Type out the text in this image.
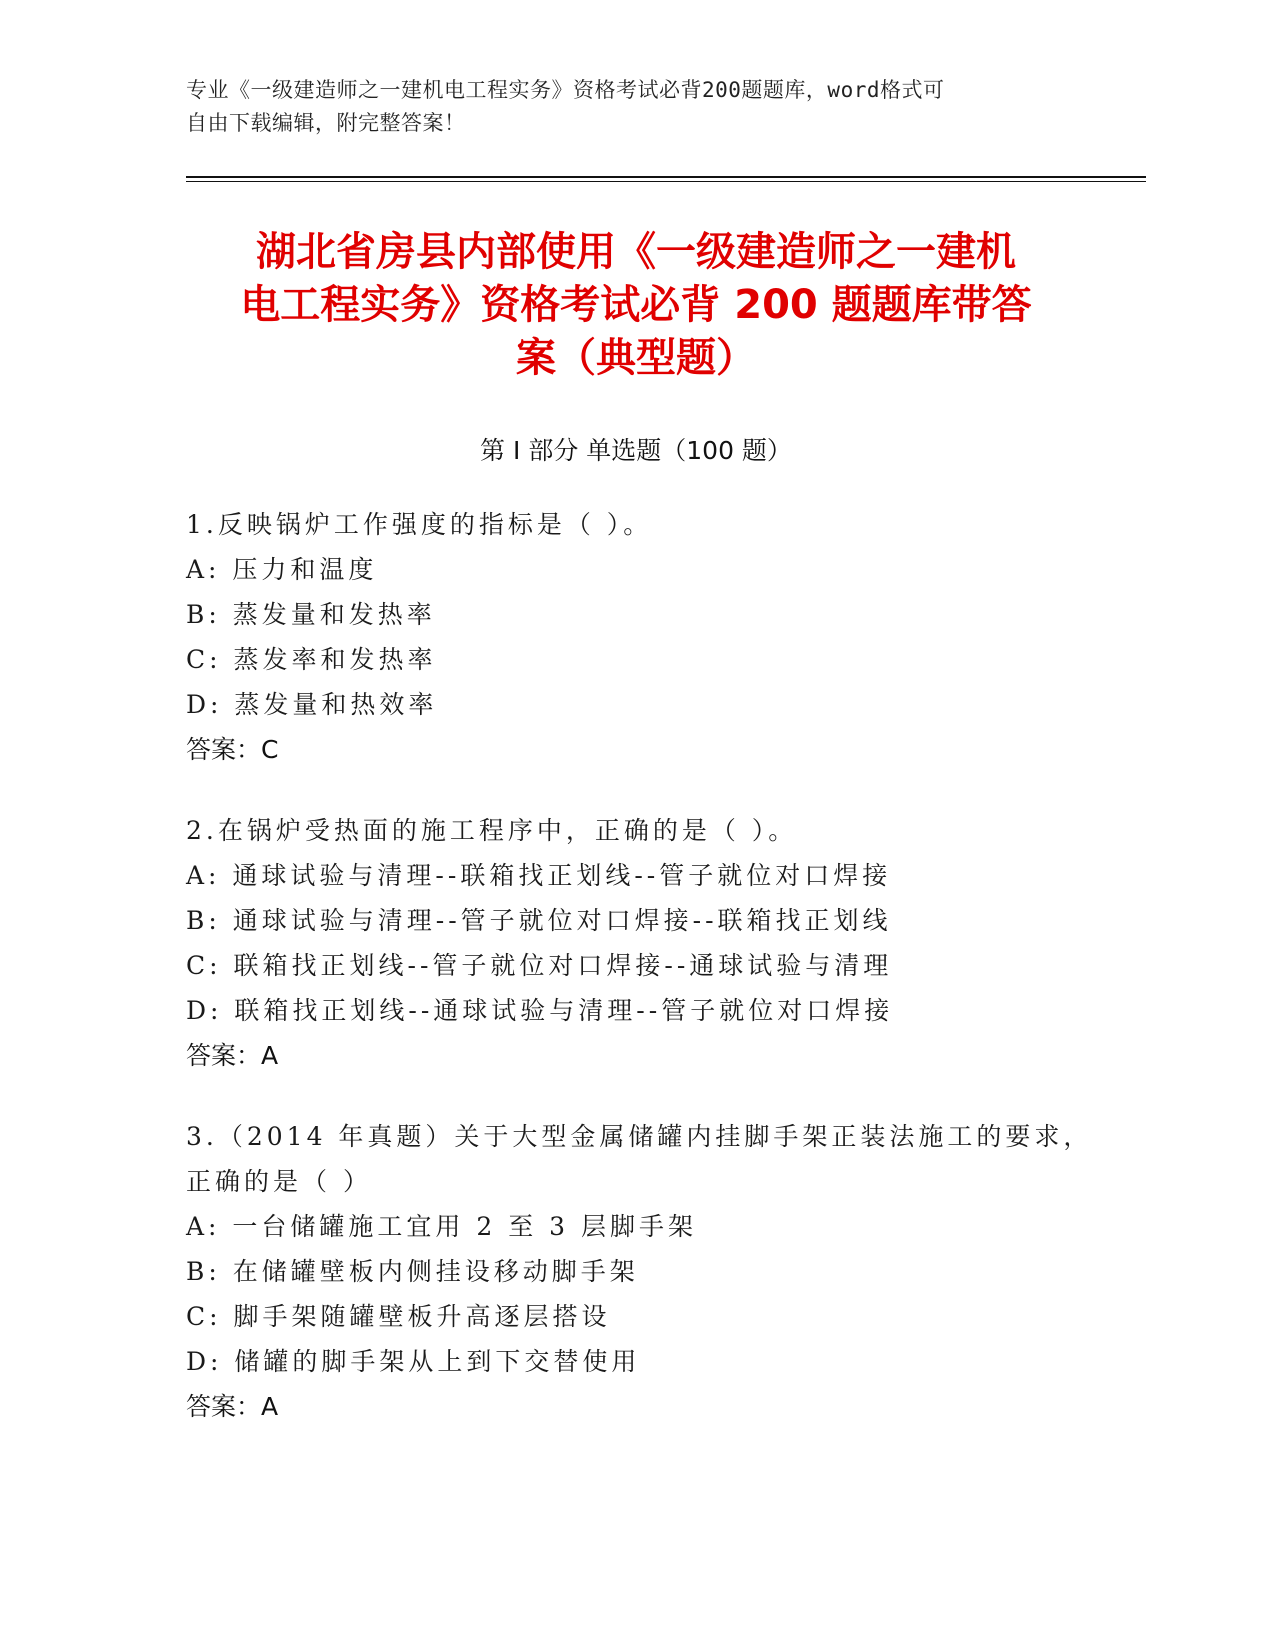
专业《一级建造师之一建机电工程实务》资格考试必背200题题库，word格式可
自由下载编辑，附完整答案！
湖北省房县内部使用《一级建造师之一建机
电工程实务》资格考试必背 200 题题库带答
案（典型题）
第 I 部分 单选题（100 题）
1.反映锅炉工作强度的指标是（ ）。
A: 压力和温度
B: 蒸发量和发热率
C: 蒸发率和发热率
D: 蒸发量和热效率
答案：C
2.在锅炉受热面的施工程序中，正确的是（ ）。
A: 通球试验与清理--联箱找正划线--管子就位对口焊接
B: 通球试验与清理--管子就位对口焊接--联箱找正划线
C: 联箱找正划线--管子就位对口焊接--通球试验与清理
D: 联箱找正划线--通球试验与清理--管子就位对口焊接
答案：A
3.（2014 年真题）关于大型金属储罐内挂脚手架正装法施工的要求，
正确的是（ ）
A: 一台储罐施工宜用 2 至 3 层脚手架
B: 在储罐壁板内侧挂设移动脚手架
C: 脚手架随罐壁板升高逐层搭设
D: 储罐的脚手架从上到下交替使用
答案：A
